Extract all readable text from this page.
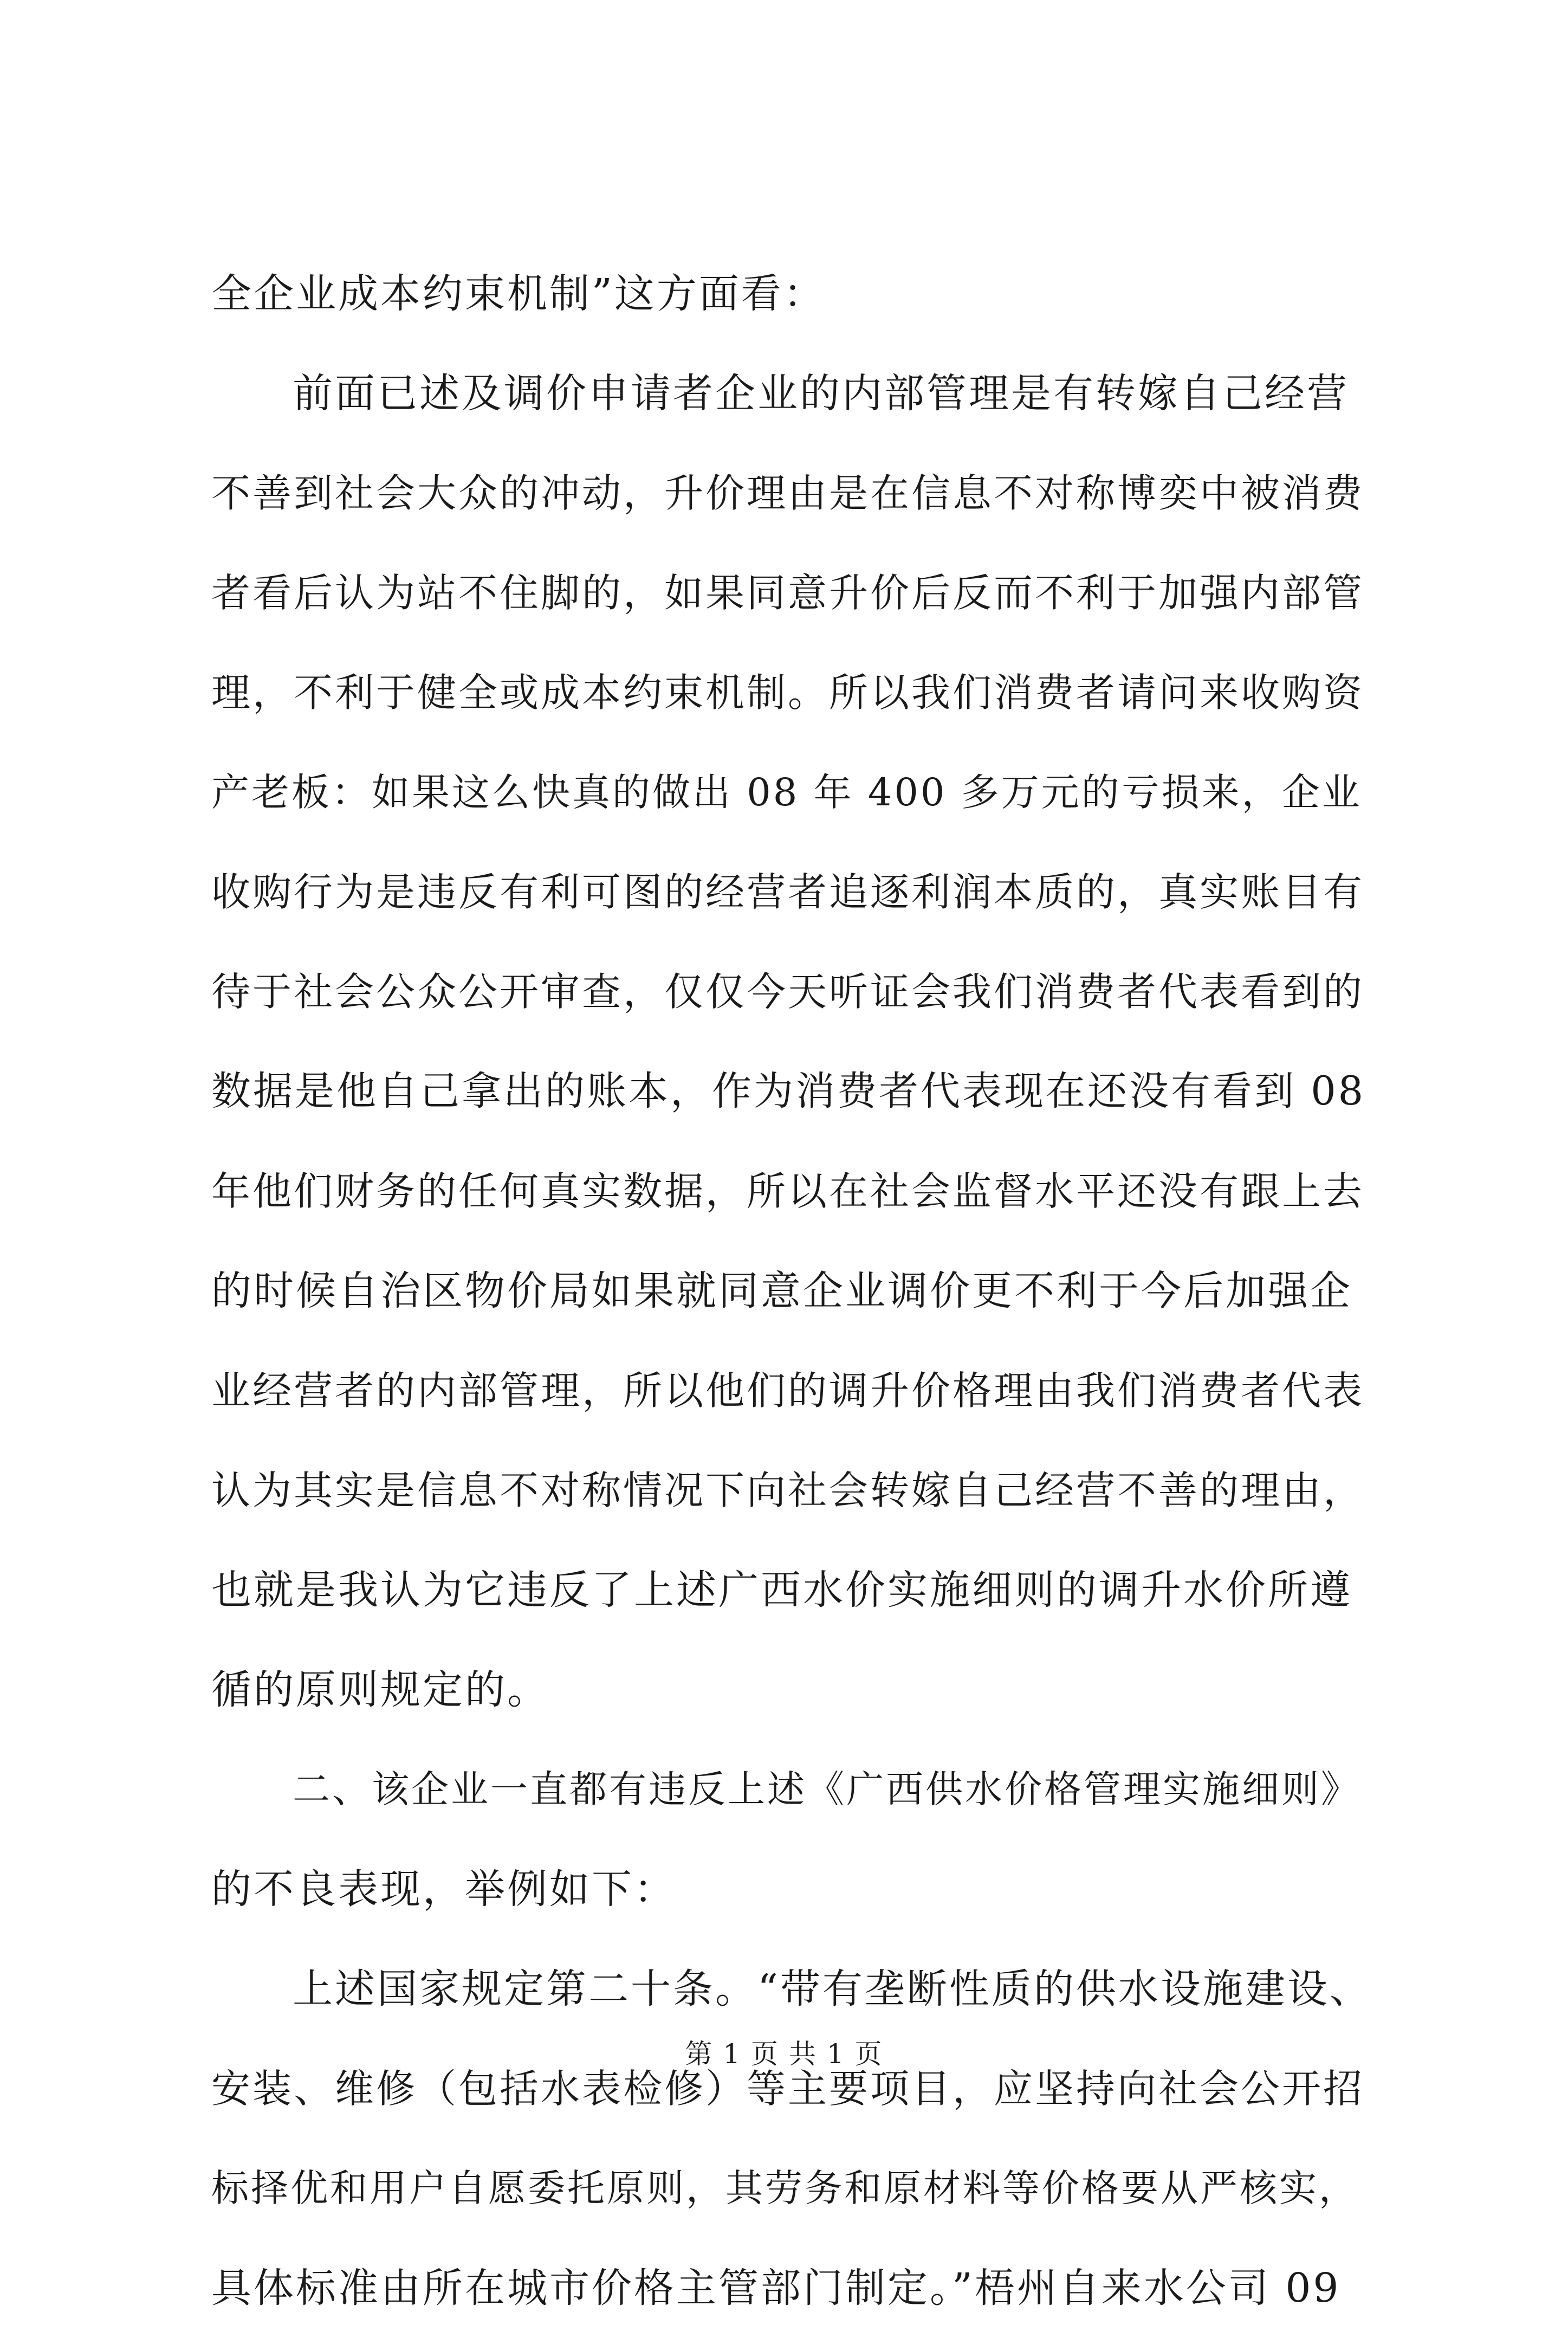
全企业成本约束机制”这方面看：
前面已述及调价申请者企业的内部管理是有转嫁自己经营
不善到社会大众的冲动，升价理由是在信息不对称博奕中被消费
者看后认为站不住脚的，如果同意升价后反而不利于加强内部管
理，不利于健全或成本约束机制。所以我们消费者请问来收购资
产老板：如果这么快真的做出 08 年 400 多万元的亏损来，企业
收购行为是违反有利可图的经营者追逐利润本质的，真实账目有
待于社会公众公开审查，仅仅今天听证会我们消费者代表看到的
数据是他自己拿出的账本，作为消费者代表现在还没有看到 08
年他们财务的任何真实数据，所以在社会监督水平还没有跟上去
的时候自治区物价局如果就同意企业调价更不利于今后加强企
业经营者的内部管理，所以他们的调升价格理由我们消费者代表
认为其实是信息不对称情况下向社会转嫁自己经营不善的理由，
也就是我认为它违反了上述广西水价实施细则的调升水价所遵
循的原则规定的。
二、该企业一直都有违反上述《广西供水价格管理实施细则》
的不良表现，举例如下：
上述国家规定第二十条。“带有垄断性质的供水设施建设、
安装、维修（包括水表检修）等主要项目，应坚持向社会公开招
标择优和用户自愿委托原则，其劳务和原材料等价格要从严核实，
具体标准由所在城市价格主管部门制定。”梧州自来水公司 09
第 1 页 共 1 页
